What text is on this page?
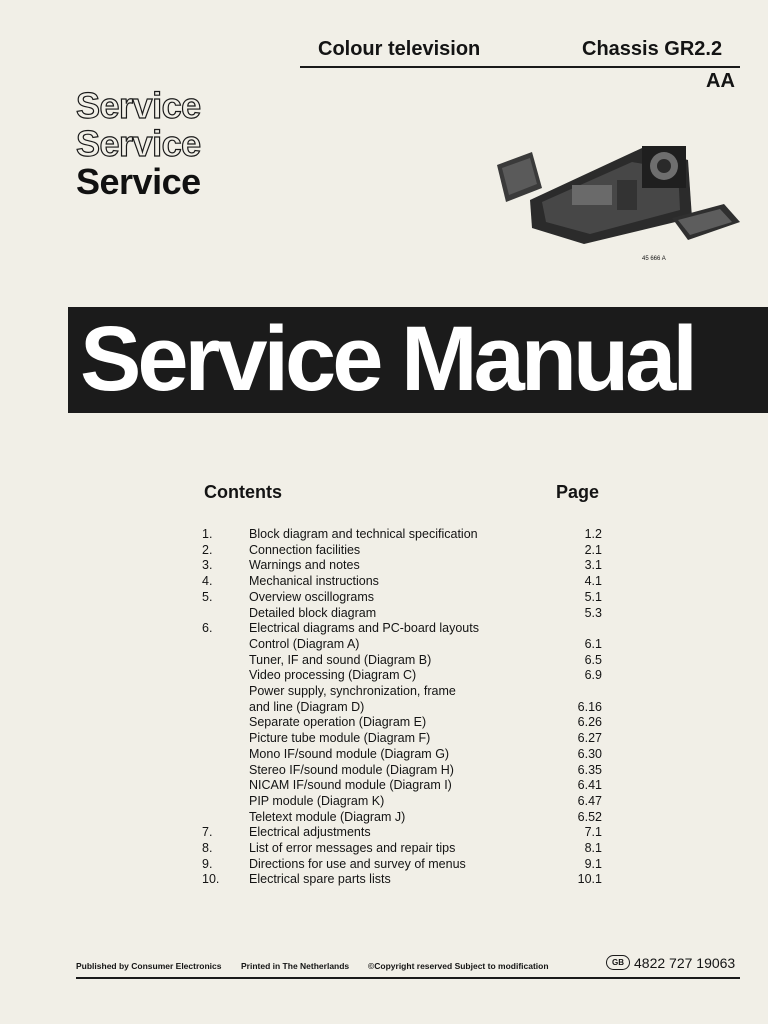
Colour television	Chassis GR2.2
AA
Service
Service
Service
45 666 A
Service Manual
Contents	Page
1.	Block diagram and technical specification	1.2
2.	Connection facilities	2.1
3.	Warnings and notes	3.1
4.	Mechanical instructions	4.1
5.	Overview oscillograms	5.1
Detailed block diagram	5.3
6.	Electrical diagrams and PC-board layouts
Control (Diagram A)	6.1
Tuner, IF and sound (Diagram B)	6.5
Video processing (Diagram C)	6.9
Power supply, synchronization, frame
and line (Diagram D)	6.16
Separate operation (Diagram E)	6.26
Picture tube module (Diagram F)	6.27
Mono IF/sound module (Diagram G)	6.30
Stereo IF/sound module (Diagram H)	6.35
NICAM IF/sound module (Diagram I)	6.41
PIP module (Diagram K)	6.47
Teletext module (Diagram J)	6.52
7.	Electrical adjustments	7.1
8.	List of error messages and repair tips	8.1
9.	Directions for use and survey of menus	9.1
10. Electrical spare parts lists	10.1
Published by Consumer Electronics Printed in The Netherlands ©Copyright reserved Subject to modification	GB 4822 727 19063
